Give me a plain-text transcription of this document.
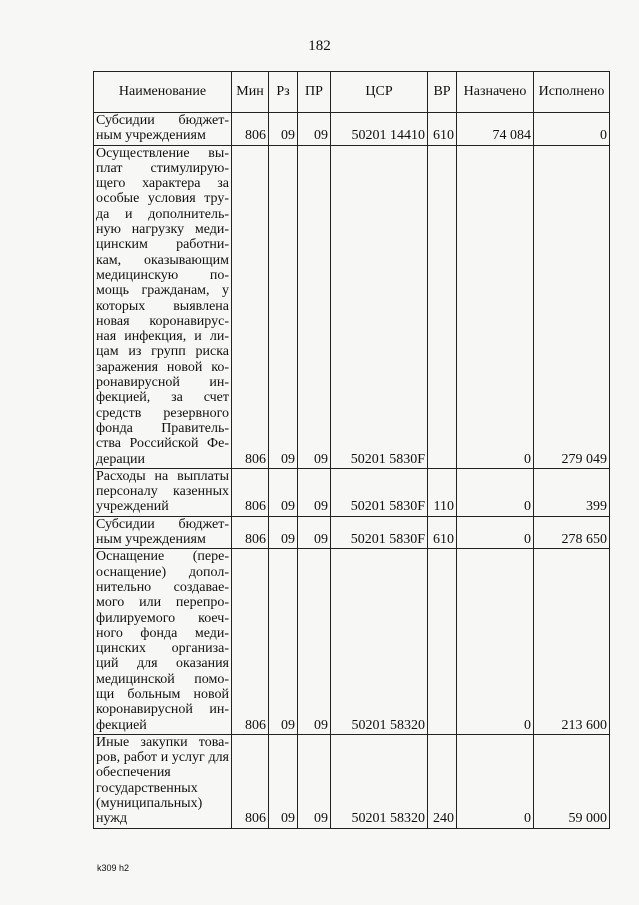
182
Наименование	Мин	Рз	ПР	ЦСР	ВР	Назначено	Исполнено
Субсидии бюджет-ным учреждениям	806	09	09	50201 14410	610	74 084	0
Осуществление вы-плат стимулирую-щего характера за особые условия тру-да и дополнитель-ную нагрузку меди-цинским работни-кам, оказывающим медицинскую по-мощь гражданам, у которых выявлена новая коронавирус-ная инфекция, и ли-цам из групп риска заражения новой ко-ронавирусной ин-фекцией, за счет средств резервного фонда Правитель-ства Российской Фе-дерации	806	09	09	50201 5830F		0	279 049
Расходы на выплаты персоналу казенных учреждений	806	09	09	50201 5830F	110	0	399
Субсидии бюджет-ным учреждениям	806	09	09	50201 5830F	610	0	278 650
Оснащение (пере-оснащение) допол-нительно создавае-мого или перепро-филируемого коеч-ного фонда меди-цинских организа-ций для оказания медицинской помо-щи больным новой коронавирусной ин-фекцией	806	09	09	50201 58320		0	213 600
Иные закупки това-ров, работ и услуг для обеспечения государственных (муниципальных) нужд	806	09	09	50201 58320	240	0	59 000
k309 h2
